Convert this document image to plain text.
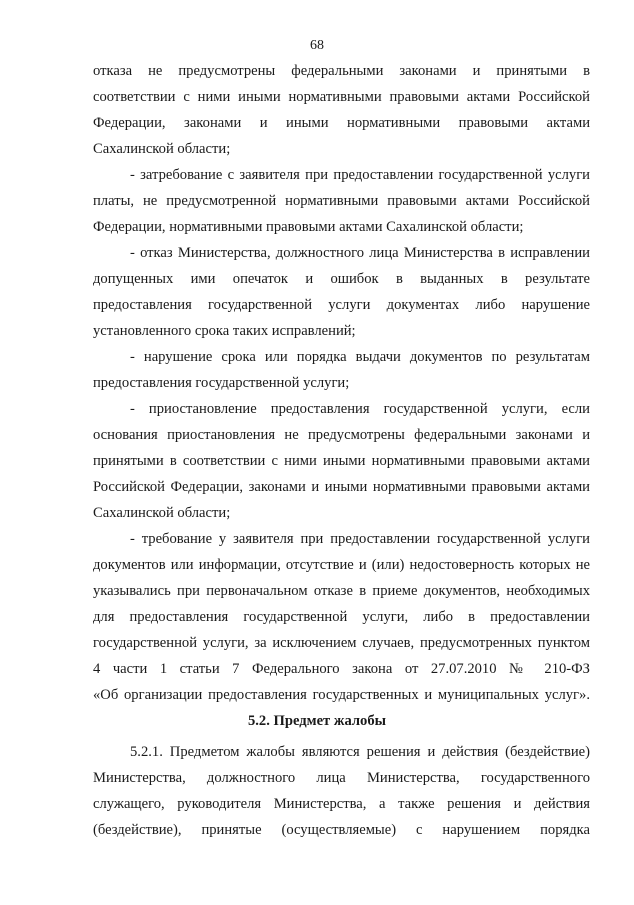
68
отказа не предусмотрены федеральными законами и принятыми в
соответствии с ними иными нормативными правовыми актами Российской
Федерации, законами и иными нормативными правовыми актами
Сахалинской области;
- затребование с заявителя при предоставлении государственной услуги
платы, не предусмотренной нормативными правовыми актами Российской
Федерации, нормативными правовыми актами Сахалинской области;
- отказ Министерства, должностного лица Министерства в исправлении
допущенных ими опечаток и ошибок в выданных в результате
предоставления государственной услуги документах либо нарушение
установленного срока таких исправлений;
- нарушение срока или порядка выдачи документов по результатам
предоставления государственной услуги;
- приостановление предоставления государственной услуги, если
основания приостановления не предусмотрены федеральными законами и
принятыми в соответствии с ними иными нормативными правовыми актами
Российской Федерации, законами и иными нормативными правовыми актами
Сахалинской области;
- требование у заявителя при предоставлении государственной услуги
документов или информации, отсутствие и (или) недостоверность которых не
указывались при первоначальном отказе в приеме документов, необходимых
для предоставления государственной услуги, либо в предоставлении
государственной услуги, за исключением случаев, предусмотренных пунктом
4 части 1 статьи 7 Федерального закона от 27.07.2010 № 210-ФЗ
«Об организации предоставления государственных и муниципальных услуг».
5.2. Предмет жалобы
5.2.1. Предметом жалобы являются решения и действия (бездействие)
Министерства, должностного лица Министерства, государственного
служащего, руководителя Министерства, а также решения и действия
(бездействие), принятые (осуществляемые) с нарушением порядка
